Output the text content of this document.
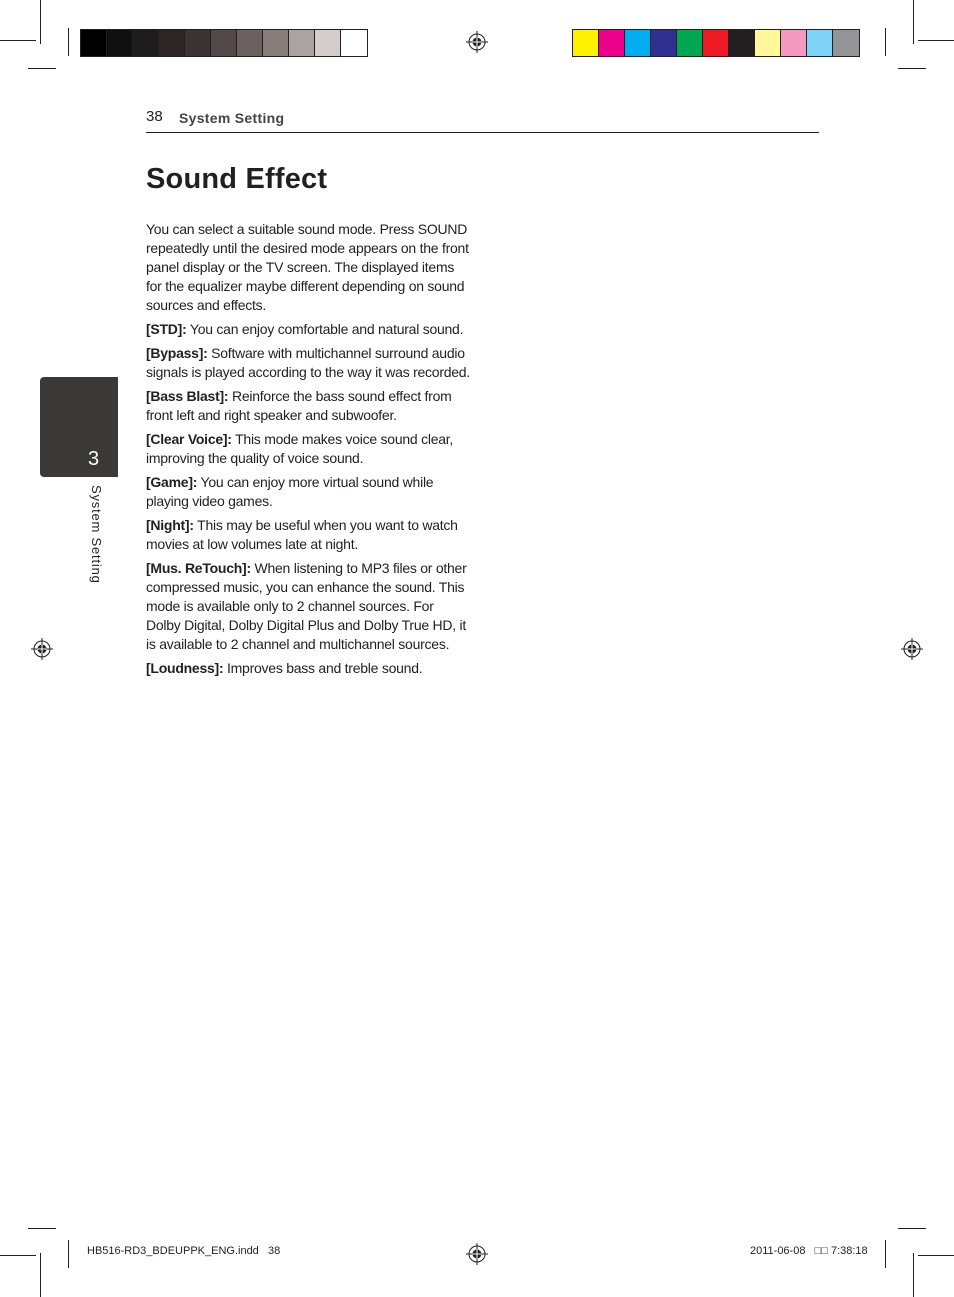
38 System Setting
3
System Setting
Sound Effect

You can select a suitable sound mode. Press SOUND repeatedly until the desired mode appears on the front panel display or the TV screen. The displayed items for the equalizer maybe different depending on sound sources and effects.

[STD]: You can enjoy comfortable and natural sound.

[Bypass]: Software with multichannel surround audio signals is played according to the way it was recorded.

[Bass Blast]: Reinforce the bass sound effect from front left and right speaker and subwoofer.

[Clear Voice]: This mode makes voice sound clear, improving the quality of voice sound.

[Game]: You can enjoy more virtual sound while playing video games.

[Night]: This may be useful when you want to watch movies at low volumes late at night.

[Mus. ReTouch]: When listening to MP3 files or other compressed music, you can enhance the sound. This mode is available only to 2 channel sources. For Dolby Digital, Dolby Digital Plus and Dolby True HD, it is available to 2 channel and multichannel sources.

[Loudness]: Improves bass and treble sound.

HB516-RD3_BDEUPPK_ENG.indd   38	2011-06-08   □□ 7:38:18
